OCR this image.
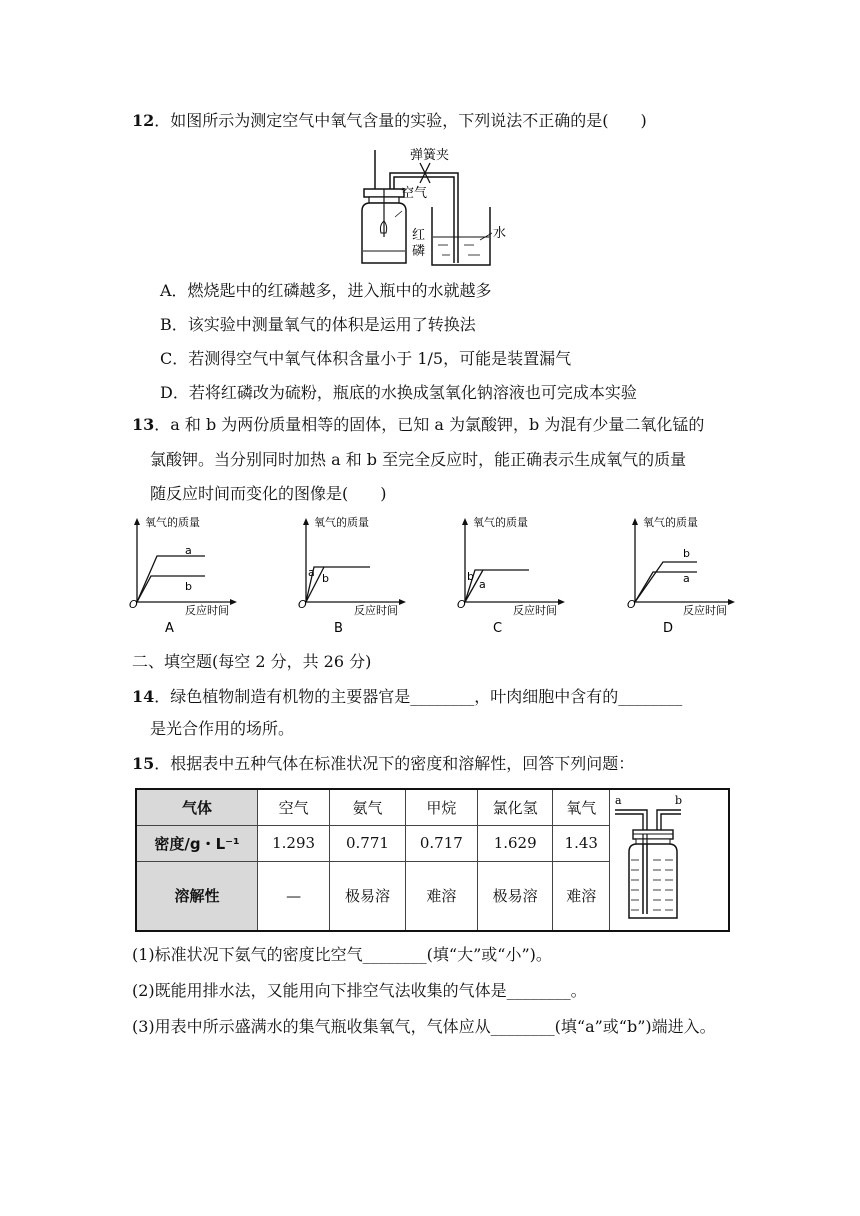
12．如图所示为测定空气中氧气含量的实验，下列说法不正确的是(　　)
弹簧夹
空气
红
磷
水
A．燃烧匙中的红磷越多，进入瓶中的水就越多
B．该实验中测量氧气的体积是运用了转换法
C．若测得空气中氧气体积含量小于 1/5，可能是装置漏气
D．若将红磷改为硫粉，瓶底的水换成氢氧化钠溶液也可完成本实验
13．a 和 b 为两份质量相等的固体，已知 a 为氯酸钾，b 为混有少量二氧化锰的
氯酸钾。当分别同时加热 a 和 b 至完全反应时，能正确表示生成氧气的质量
随反应时间而变化的图像是(　　)
氧气的质量
a
b
O	反应时间
A
氧气的质量
a b
O	反应时间
B
氧气的质量
b
a
O	反应时间
C
氧气的质量
b
a
O	反应时间
D
二、填空题(每空 2 分，共 26 分)
14．绿色植物制造有机物的主要器官是________，叶肉细胞中含有的________
是光合作用的场所。
15．根据表中五种气体在标准状况下的密度和溶解性，回答下列问题：
气体	空气	氨气	甲烷	氯化氢	氧气	a b

密度/g・L⁻¹	1.293	0.771	0.717	1.629	1.43	
溶解性	—	极易溶	难溶	极易溶	难溶	
(1)标准状况下氨气的密度比空气________(填“大”或“小”)。
(2)既能用排水法，又能用向下排空气法收集的气体是________。
(3)用表中所示盛满水的集气瓶收集氧气，气体应从________(填“a”或“b”)端进入。
